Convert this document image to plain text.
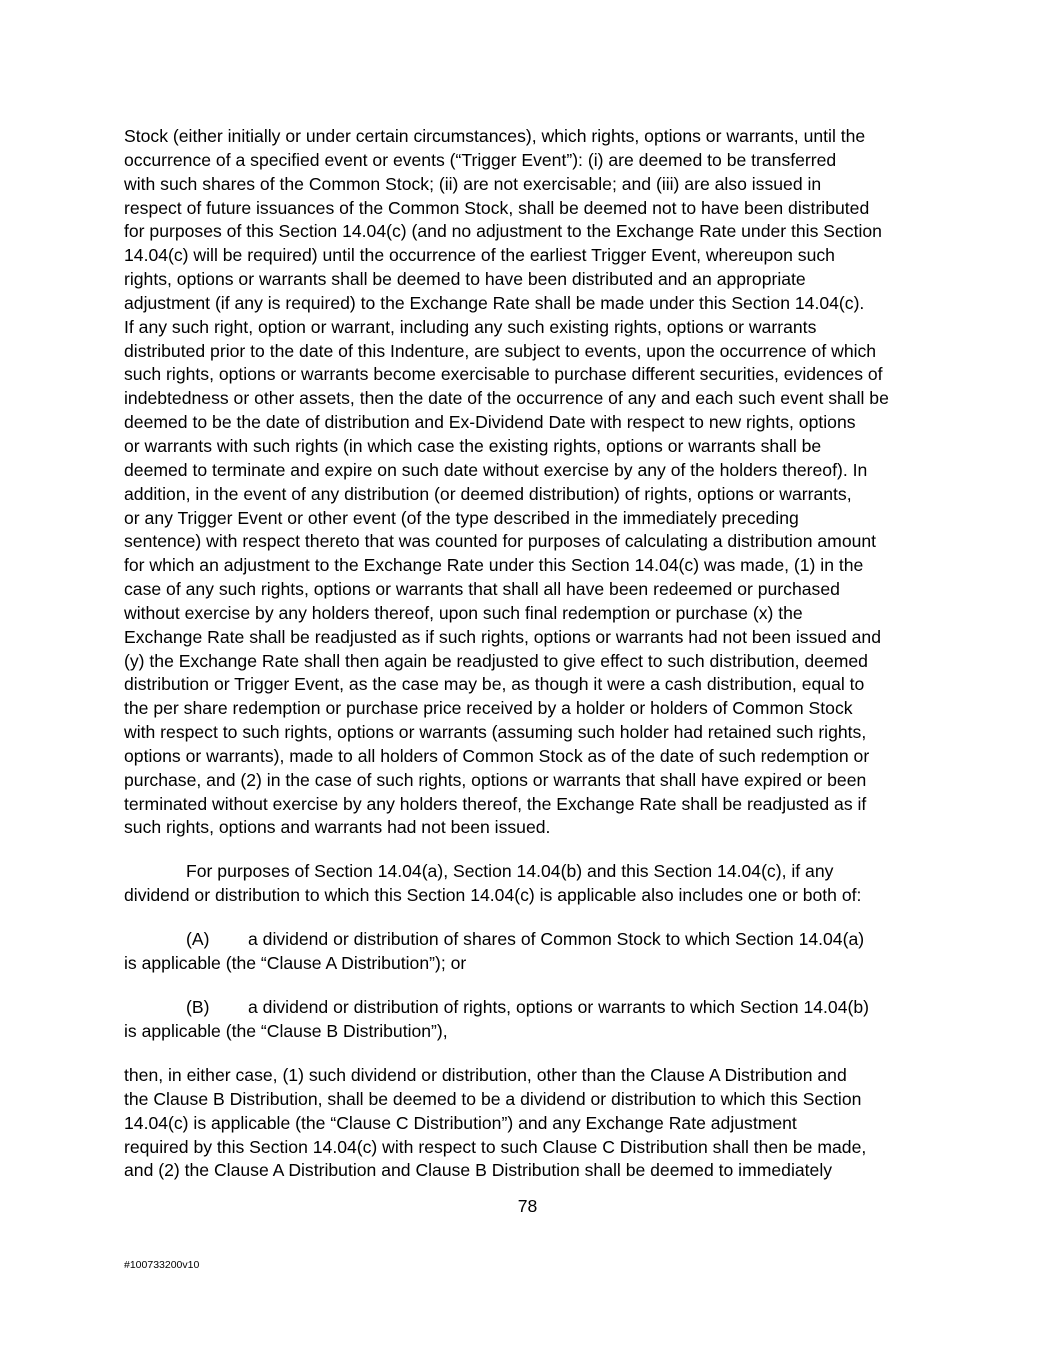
Stock (either initially or under certain circumstances), which rights, options or warrants, until the
occurrence of a specified event or events (“Trigger Event”): (i) are deemed to be transferred
with such shares of the Common Stock; (ii) are not exercisable; and (iii) are also issued in
respect of future issuances of the Common Stock, shall be deemed not to have been distributed
for purposes of this Section 14.04(c) (and no adjustment to the Exchange Rate under this Section
14.04(c) will be required) until the occurrence of the earliest Trigger Event, whereupon such
rights, options or warrants shall be deemed to have been distributed and an appropriate
adjustment (if any is required) to the Exchange Rate shall be made under this Section 14.04(c).
If any such right, option or warrant, including any such existing rights, options or warrants
distributed prior to the date of this Indenture, are subject to events, upon the occurrence of which
such rights, options or warrants become exercisable to purchase different securities, evidences of
indebtedness or other assets, then the date of the occurrence of any and each such event shall be
deemed to be the date of distribution and Ex-Dividend Date with respect to new rights, options
or warrants with such rights (in which case the existing rights, options or warrants shall be
deemed to terminate and expire on such date without exercise by any of the holders thereof). In
addition, in the event of any distribution (or deemed distribution) of rights, options or warrants,
or any Trigger Event or other event (of the type described in the immediately preceding
sentence) with respect thereto that was counted for purposes of calculating a distribution amount
for which an adjustment to the Exchange Rate under this Section 14.04(c) was made, (1) in the
case of any such rights, options or warrants that shall all have been redeemed or purchased
without exercise by any holders thereof, upon such final redemption or purchase (x) the
Exchange Rate shall be readjusted as if such rights, options or warrants had not been issued and
(y) the Exchange Rate shall then again be readjusted to give effect to such distribution, deemed
distribution or Trigger Event, as the case may be, as though it were a cash distribution, equal to
the per share redemption or purchase price received by a holder or holders of Common Stock
with respect to such rights, options or warrants (assuming such holder had retained such rights,
options or warrants), made to all holders of Common Stock as of the date of such redemption or
purchase, and (2) in the case of such rights, options or warrants that shall have expired or been
terminated without exercise by any holders thereof, the Exchange Rate shall be readjusted as if
such rights, options and warrants had not been issued.
For purposes of Section 14.04(a), Section 14.04(b) and this Section 14.04(c), if any
dividend or distribution to which this Section 14.04(c) is applicable also includes one or both of:
(A) a dividend or distribution of shares of Common Stock to which Section 14.04(a)
is applicable (the “Clause A Distribution”); or
(B) a dividend or distribution of rights, options or warrants to which Section 14.04(b)
is applicable (the “Clause B Distribution”),
then, in either case, (1) such dividend or distribution, other than the Clause A Distribution and
the Clause B Distribution, shall be deemed to be a dividend or distribution to which this Section
14.04(c) is applicable (the “Clause C Distribution”) and any Exchange Rate adjustment
required by this Section 14.04(c) with respect to such Clause C Distribution shall then be made,
and (2) the Clause A Distribution and Clause B Distribution shall be deemed to immediately
78
#100733200v10
